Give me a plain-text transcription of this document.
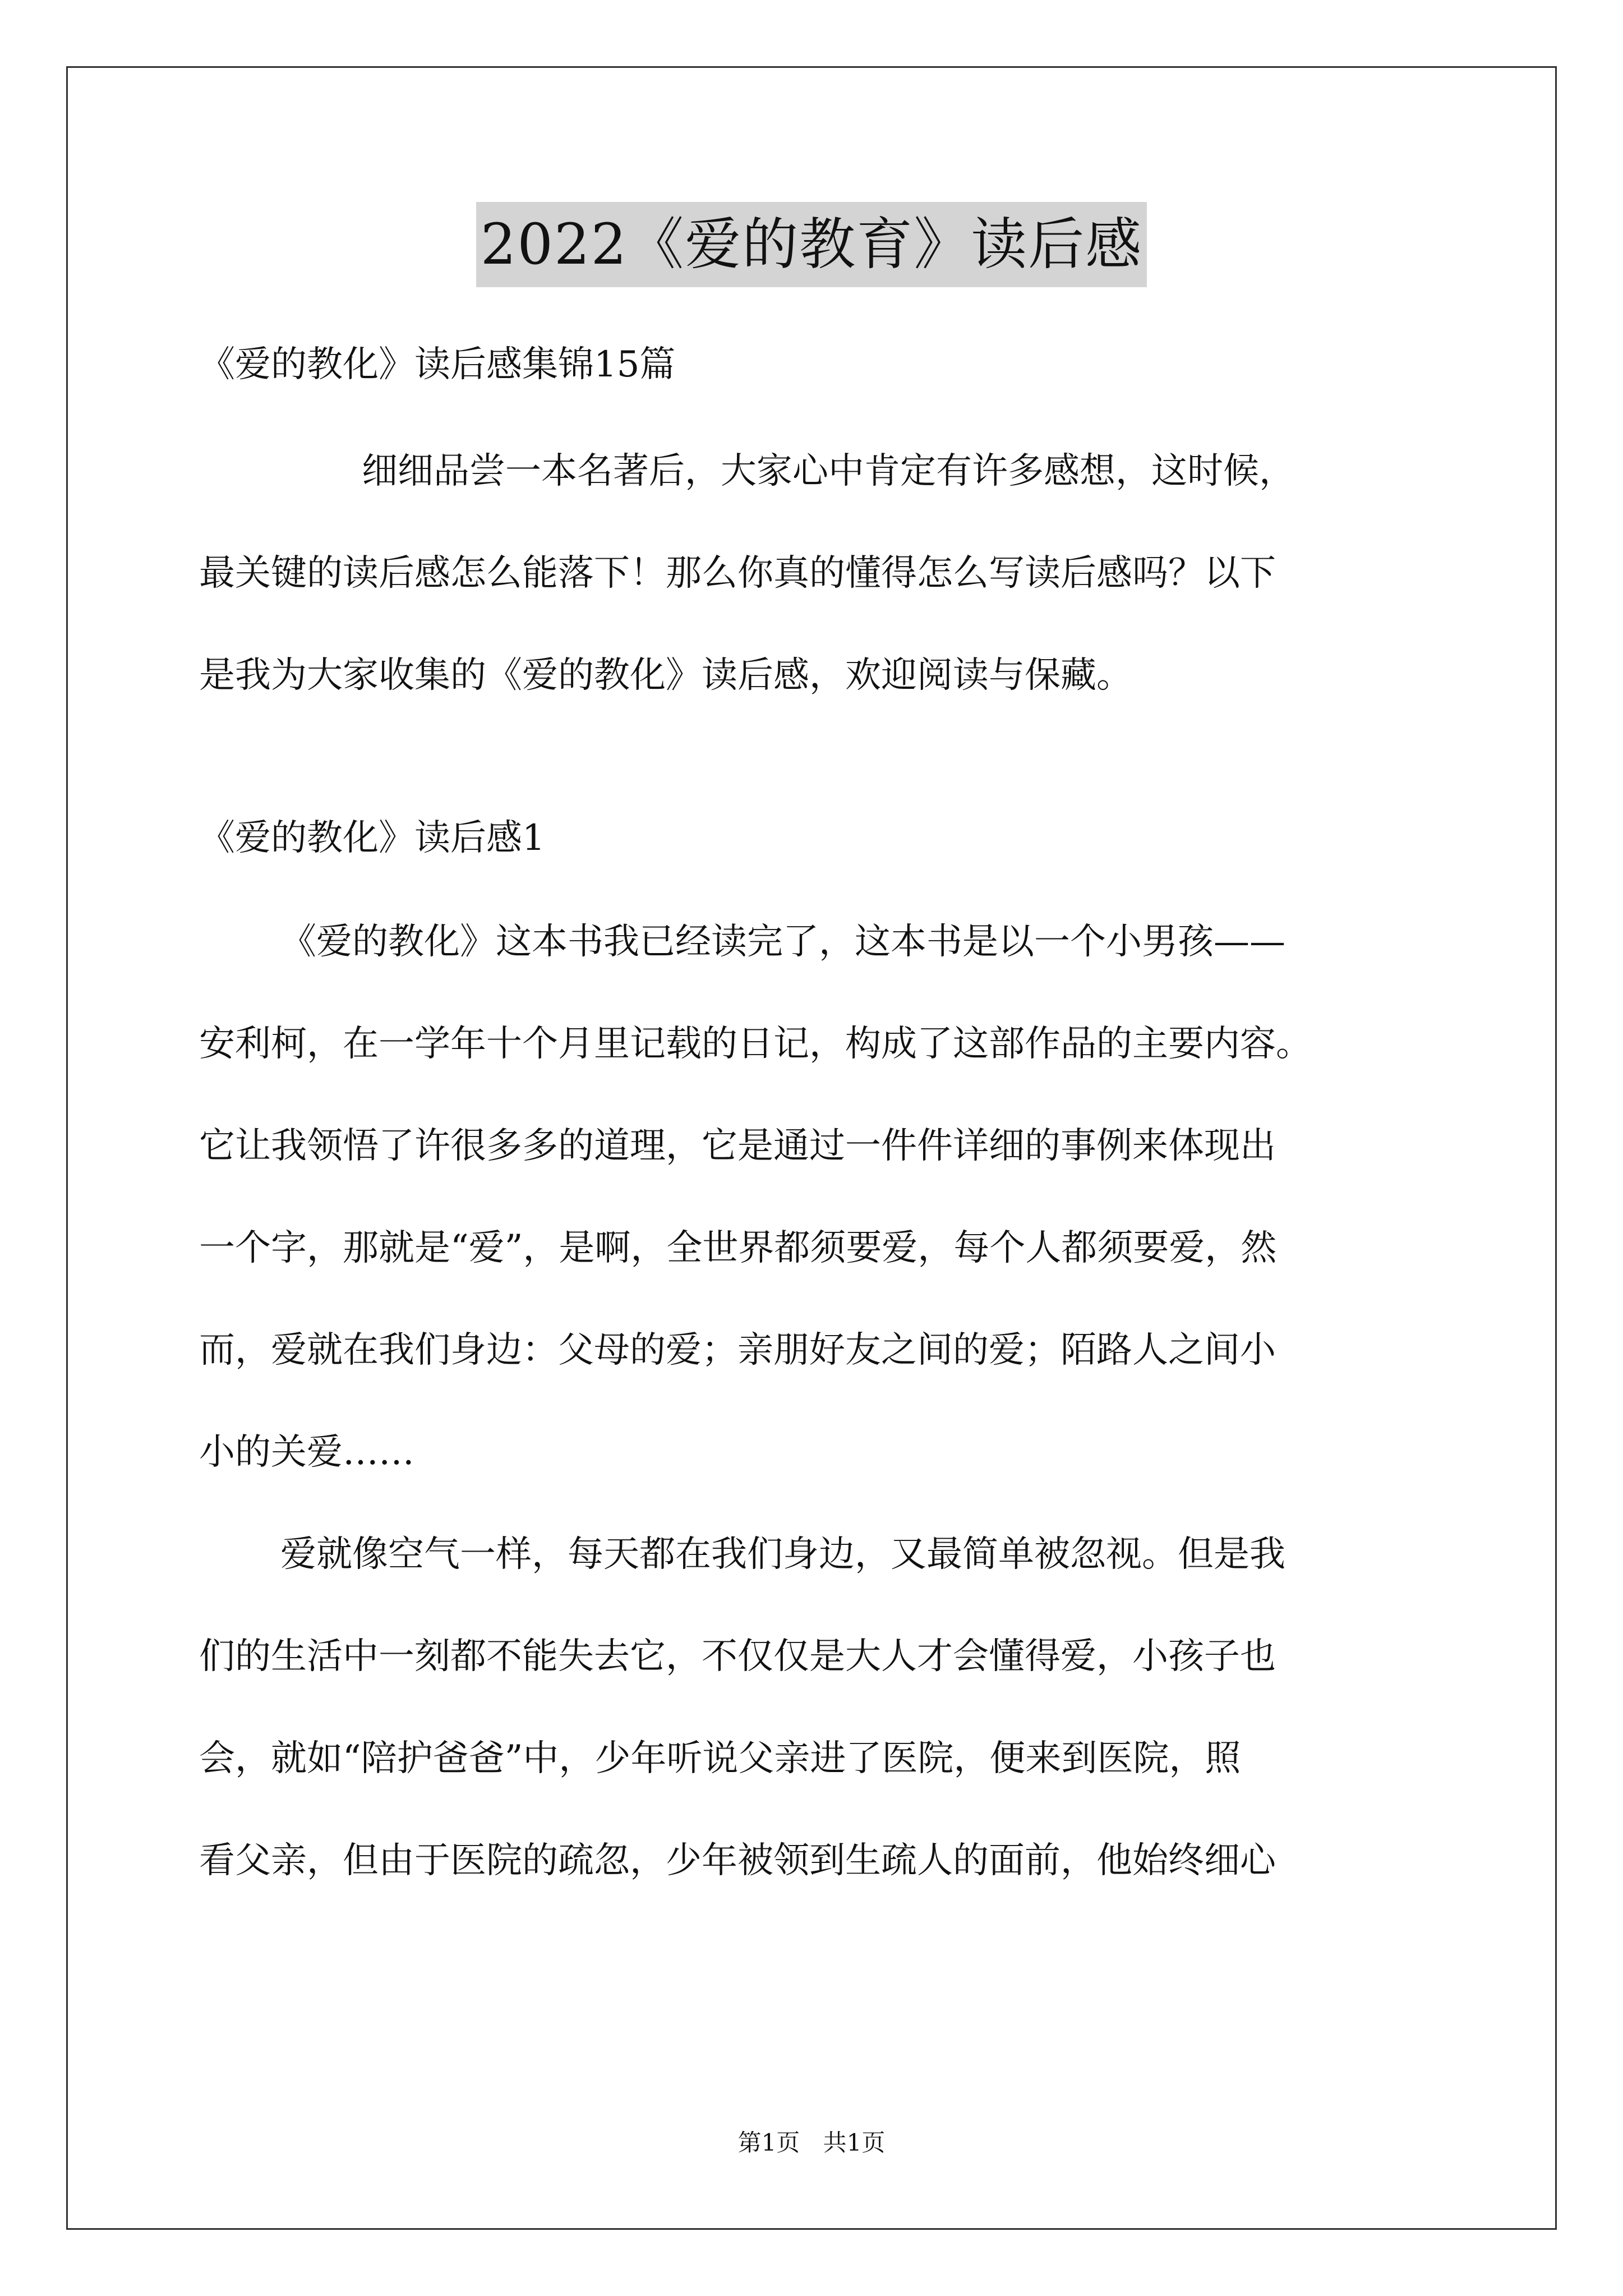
2022《爱的教育》读后感

《爱的教化》读后感集锦15篇

细细品尝一本名著后，大家心中肯定有许多感想，这时候，

最关键的读后感怎么能落下！那么你真的懂得怎么写读后感吗？以下

是我为大家收集的《爱的教化》读后感，欢迎阅读与保藏。

《爱的教化》读后感1

《爱的教化》这本书我已经读完了，这本书是以一个小男孩——

安利柯，在一学年十个月里记载的日记，构成了这部作品的主要内容。

它让我领悟了许很多多的道理，它是通过一件件详细的事例来体现出

一个字，那就是“爱”，是啊，全世界都须要爱，每个人都须要爱，然

而，爱就在我们身边：父母的爱；亲朋好友之间的爱；陌路人之间小

小的关爱……

爱就像空气一样，每天都在我们身边，又最简单被忽视。但是我

们的生活中一刻都不能失去它，不仅仅是大人才会懂得爱，小孩子也

会，就如“陪护爸爸”中，少年听说父亲进了医院，便来到医院，照

看父亲，但由于医院的疏忽，少年被领到生疏人的面前，他始终细心

第1页 共1页
